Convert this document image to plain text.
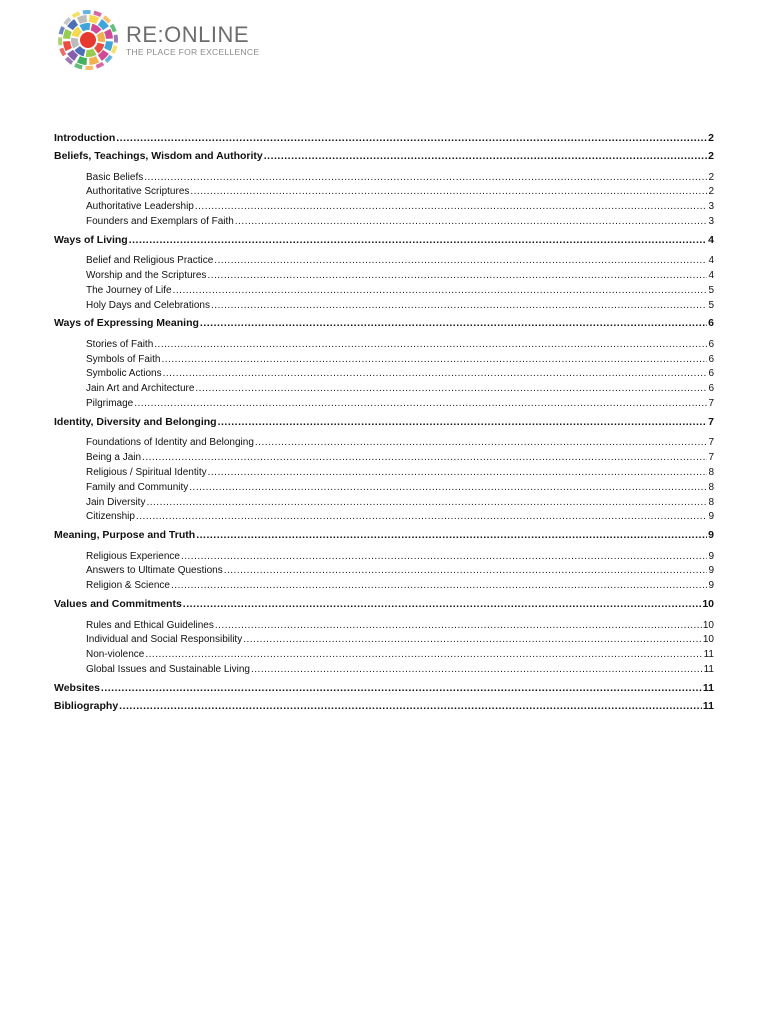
RE:ONLINE
THE PLACE FOR EXCELLENCE
Introduction .....	2
Beliefs, Teachings, Wisdom and Authority .....	2
Basic Beliefs .....	2
Authoritative Scriptures .....	2
Authoritative Leadership .....	3
Founders and Exemplars of Faith .....	3
Ways of Living .....	4
Belief and Religious Practice .....	4
Worship and the Scriptures .....	4
The Journey of Life .....	5
Holy Days and Celebrations .....	5
Ways of Expressing Meaning .....	6
Stories of Faith .....	6
Symbols of Faith .....	6
Symbolic Actions .....	6
Jain Art and Architecture .....	6
Pilgrimage .....	7
Identity, Diversity and Belonging .....	7
Foundations of Identity and Belonging .....	7
Being a Jain .....	7
Religious / Spiritual Identity .....	8
Family and Community .....	8
Jain Diversity .....	8
Citizenship .....	9
Meaning, Purpose and Truth .....	9
Religious Experience .....	9
Answers to Ultimate Questions .....	9
Religion & Science .....	9
Values and Commitments .....	10
Rules and Ethical Guidelines .....	10
Individual and Social Responsibility .....	10
Non-violence .....	11
Global Issues and Sustainable Living .....	11
Websites .....	11
Bibliography .....	11
